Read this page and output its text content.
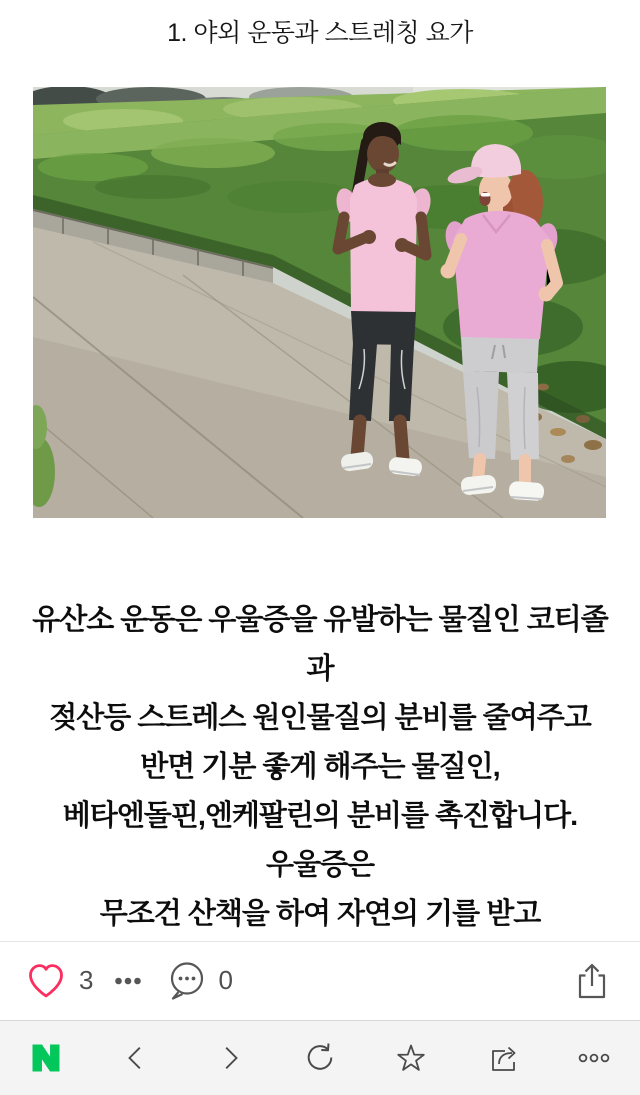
1. 야외 운동과 스트레칭 요가
유산소 운동은 우울증을 유발하는 물질인 코티졸
과
젖산등 스트레스 원인물질의 분비를 줄여주고
반면 기분 좋게 해주는 물질인,
베타엔돌핀,엔케팔린의 분비를 촉진합니다.
우울증은
무조건 산책을 하여 자연의 기를 받고
3	0
